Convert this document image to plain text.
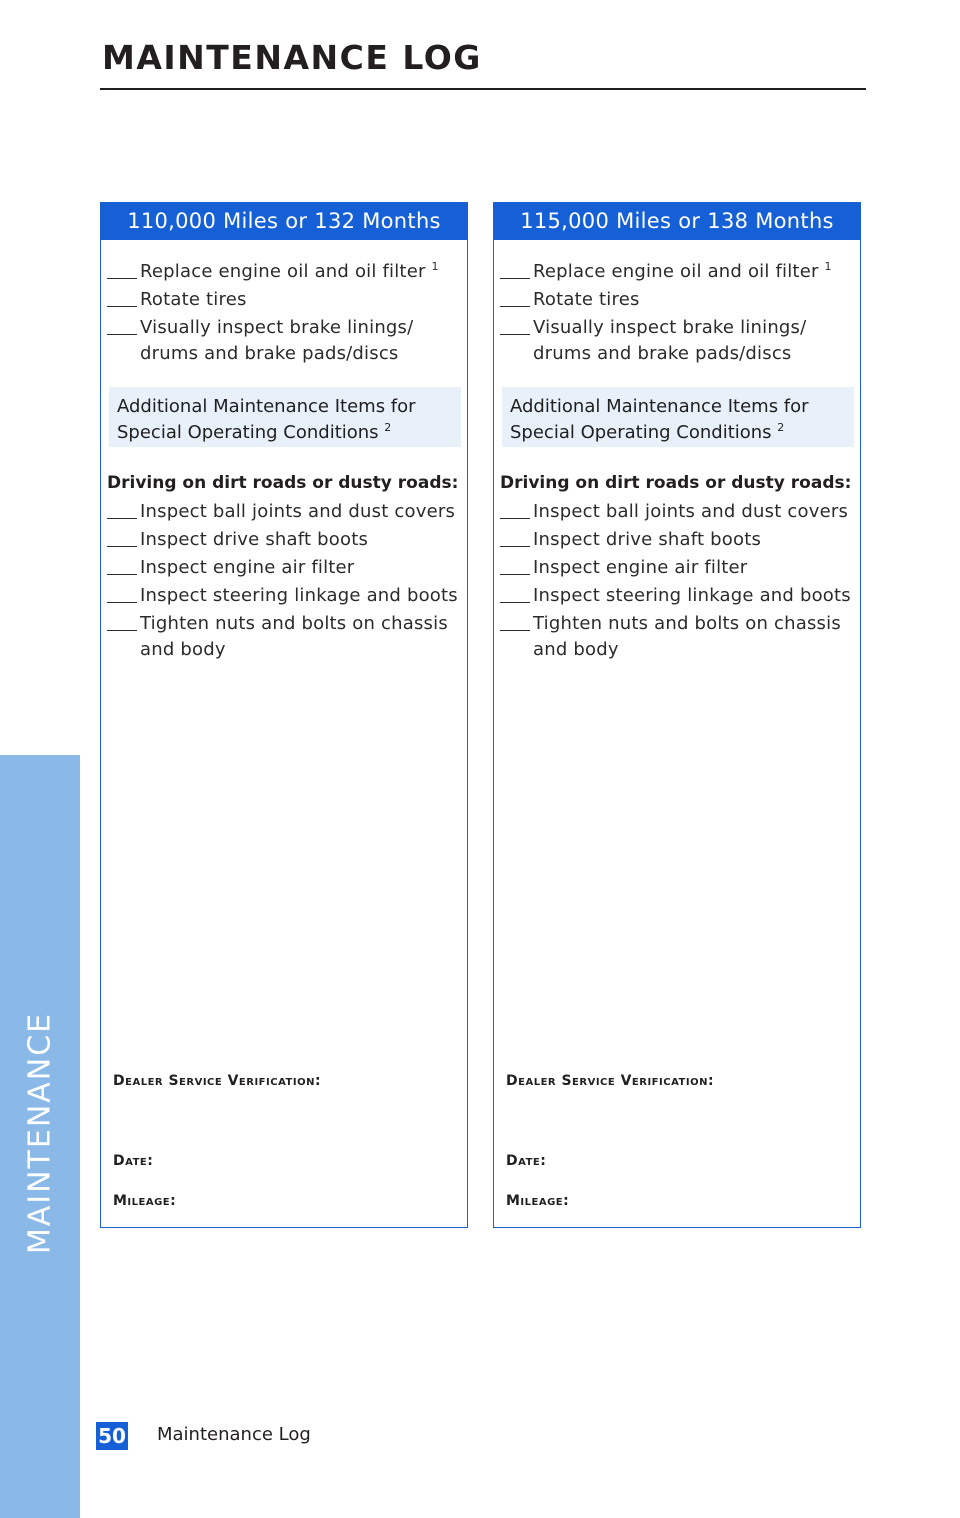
MAINTENANCE LOG
MAINTENANCE
110,000 Miles or 132 Months
Replace engine oil and oil filter $^1$
Rotate tires
Visually inspect brake linings/ drums and brake pads/discs
Additional Maintenance Items for Special Operating Conditions $^2$
Driving on dirt roads or dusty roads:
Inspect ball joints and dust covers
Inspect drive shaft boots
Inspect engine air filter
Inspect steering linkage and boots
Tighten nuts and bolts on chassis and body
Dealer Service Verification:
Date:
Mileage:
115,000 Miles or 138 Months
Replace engine oil and oil filter $^1$
Rotate tires
Visually inspect brake linings/ drums and brake pads/discs
Additional Maintenance Items for Special Operating Conditions $^2$
Driving on dirt roads or dusty roads:
Inspect ball joints and dust covers
Inspect drive shaft boots
Inspect engine air filter
Inspect steering linkage and boots
Tighten nuts and bolts on chassis and body
Dealer Service Verification:
Date:
Mileage:
50 Maintenance Log
